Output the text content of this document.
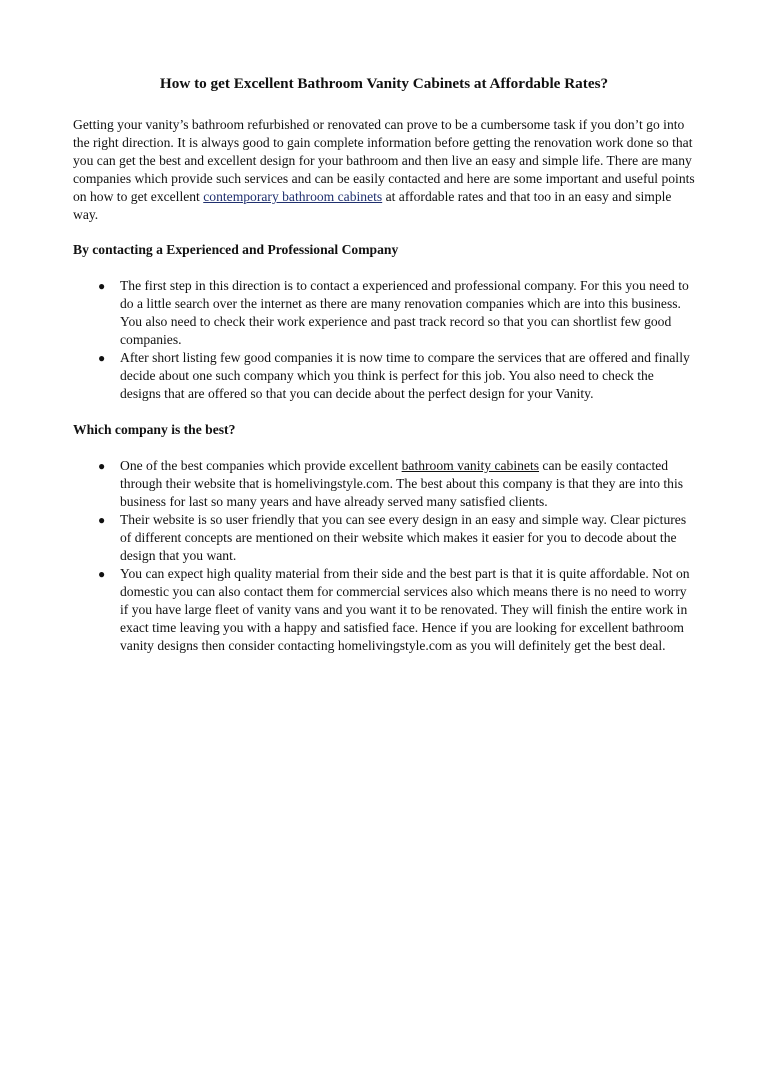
How to get Excellent Bathroom Vanity Cabinets at Affordable Rates?

Getting your vanity’s bathroom refurbished or renovated can prove to be a cumbersome task if you don’t go into the right direction. It is always good to gain complete information before getting the renovation work done so that you can get the best and excellent design for your bathroom and then live an easy and simple life. There are many companies which provide such services and can be easily contacted and here are some important and useful points on how to get excellent contemporary bathroom cabinets at affordable rates and that too in an easy and simple way.

By contacting a Experienced and Professional Company
● The first step in this direction is to contact a experienced and professional company. For this you need to do a little search over the internet as there are many renovation companies which are into this business. You also need to check their work experience and past track record so that you can shortlist few good companies.
● After short listing few good companies it is now time to compare the services that are offered and finally decide about one such company which you think is perfect for this job. You also need to check the designs that are offered so that you can decide about the perfect design for your Vanity.
Which company is the best?
● One of the best companies which provide excellent bathroom vanity cabinets can be easily contacted through their website that is homelivingstyle.com. The best about this company is that they are into this business for last so many years and have already served many satisfied clients.
● Their website is so user friendly that you can see every design in an easy and simple way. Clear pictures of different concepts are mentioned on their website which makes it easier for you to decode about the design that you want.
● You can expect high quality material from their side and the best part is that it is quite affordable. Not on domestic you can also contact them for commercial services also which means there is no need to worry if you have large fleet of vanity vans and you want it to be renovated. They will finish the entire work in exact time leaving you with a happy and satisfied face. Hence if you are looking for excellent bathroom vanity designs then consider contacting homelivingstyle.com as you will definitely get the best deal.
